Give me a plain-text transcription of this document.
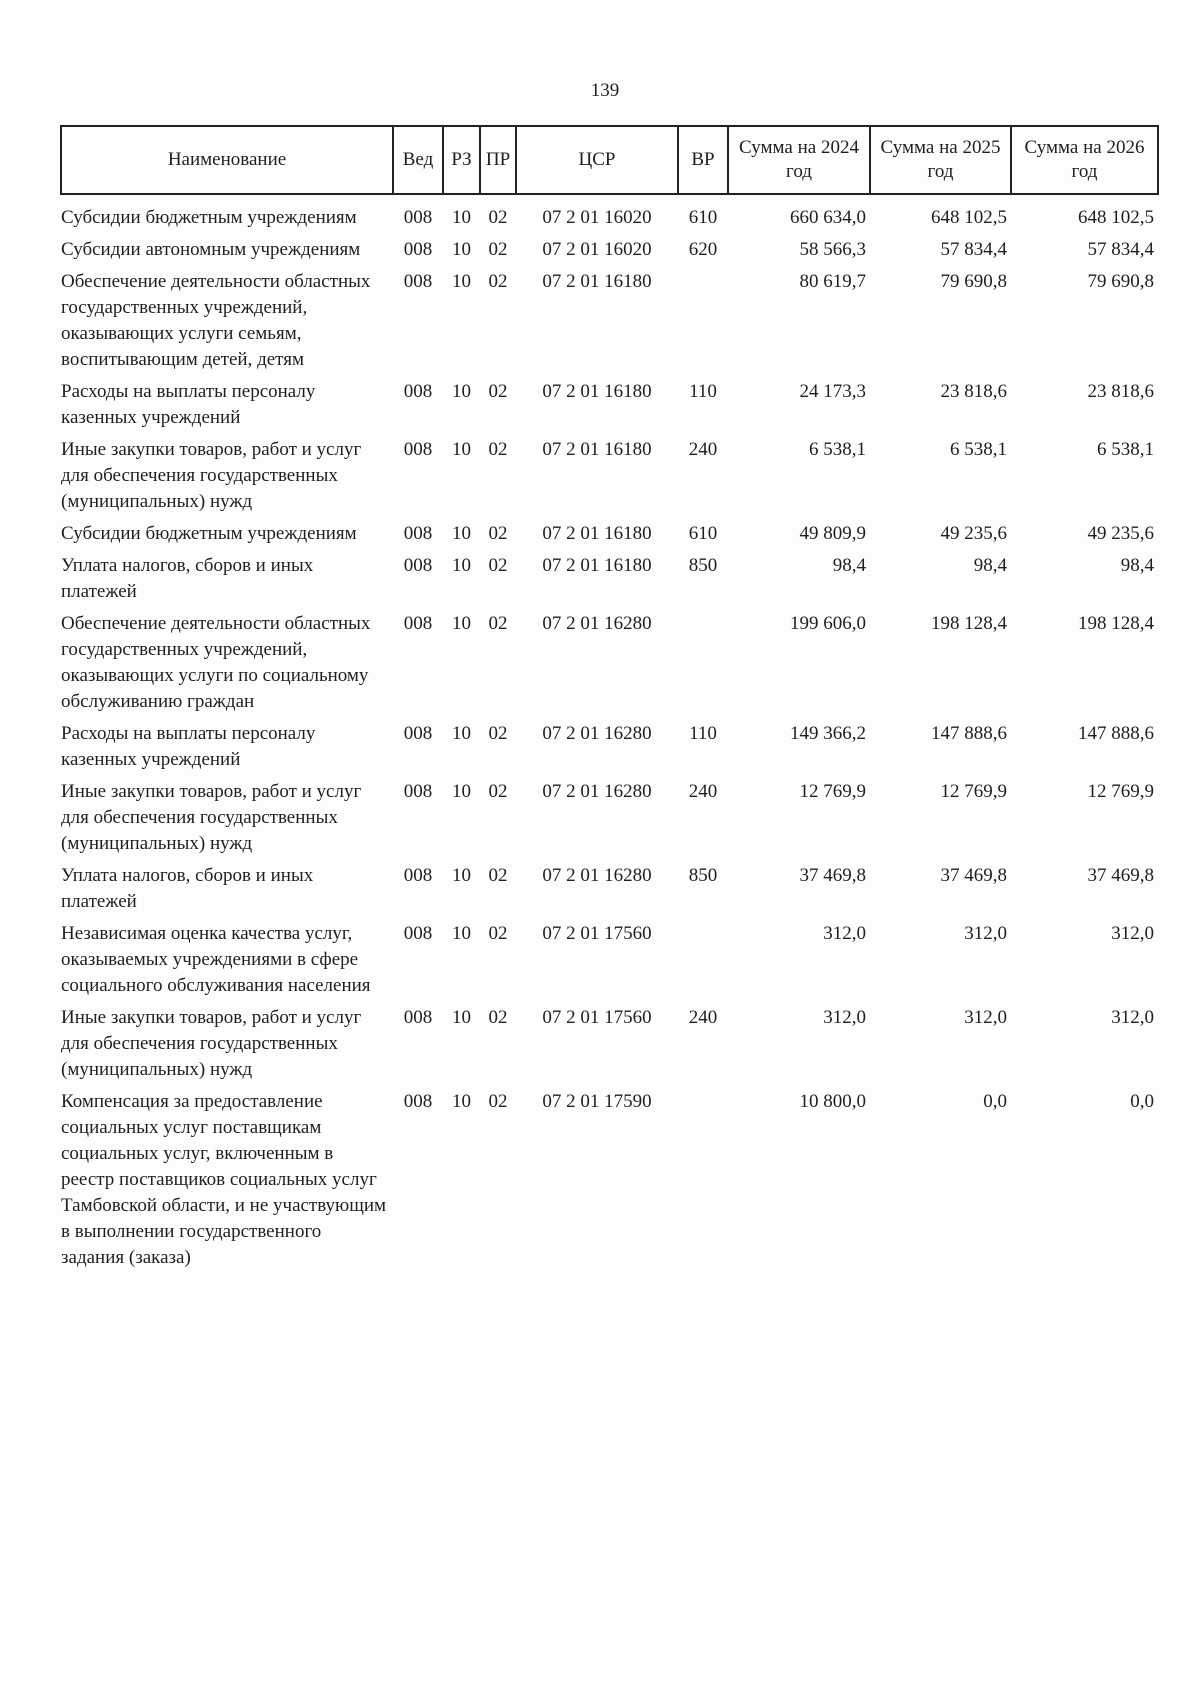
139
Наименование	Вед	РЗ	ПР	ЦСР	ВР	Сумма на 2024 год	Сумма на 2025 год	Сумма на 2026 год
Субсидии бюджетным учреждениям	008	10	02	07 2 01 16020	610	660 634,0	648 102,5	648 102,5
Субсидии автономным учреждениям	008	10	02	07 2 01 16020	620	58 566,3	57 834,4	57 834,4
Обеспечение деятельности областных государственных учреждений, оказывающих услуги семьям, воспитывающим детей, детям	008	10	02	07 2 01 16180		80 619,7	79 690,8	79 690,8
Расходы на выплаты персоналу казенных учреждений	008	10	02	07 2 01 16180	110	24 173,3	23 818,6	23 818,6
Иные закупки товаров, работ и услуг для обеспечения государственных (муниципальных) нужд	008	10	02	07 2 01 16180	240	6 538,1	6 538,1	6 538,1
Субсидии бюджетным учреждениям	008	10	02	07 2 01 16180	610	49 809,9	49 235,6	49 235,6
Уплата налогов, сборов и иных платежей	008	10	02	07 2 01 16180	850	98,4	98,4	98,4
Обеспечение деятельности областных государственных учреждений, оказывающих услуги по социальному обслуживанию граждан	008	10	02	07 2 01 16280		199 606,0	198 128,4	198 128,4
Расходы на выплаты персоналу казенных учреждений	008	10	02	07 2 01 16280	110	149 366,2	147 888,6	147 888,6
Иные закупки товаров, работ и услуг для обеспечения государственных (муниципальных) нужд	008	10	02	07 2 01 16280	240	12 769,9	12 769,9	12 769,9
Уплата налогов, сборов и иных платежей	008	10	02	07 2 01 16280	850	37 469,8	37 469,8	37 469,8
Независимая оценка качества услуг, оказываемых учреждениями в сфере социального обслуживания населения	008	10	02	07 2 01 17560		312,0	312,0	312,0
Иные закупки товаров, работ и услуг для обеспечения государственных (муниципальных) нужд	008	10	02	07 2 01 17560	240	312,0	312,0	312,0
Компенсация за предоставление социальных услуг поставщикам социальных услуг, включенным в реестр поставщиков социальных услуг Тамбовской области, и не участвующим в выполнении государственного задания (заказа)	008	10	02	07 2 01 17590		10 800,0	0,0	0,0
